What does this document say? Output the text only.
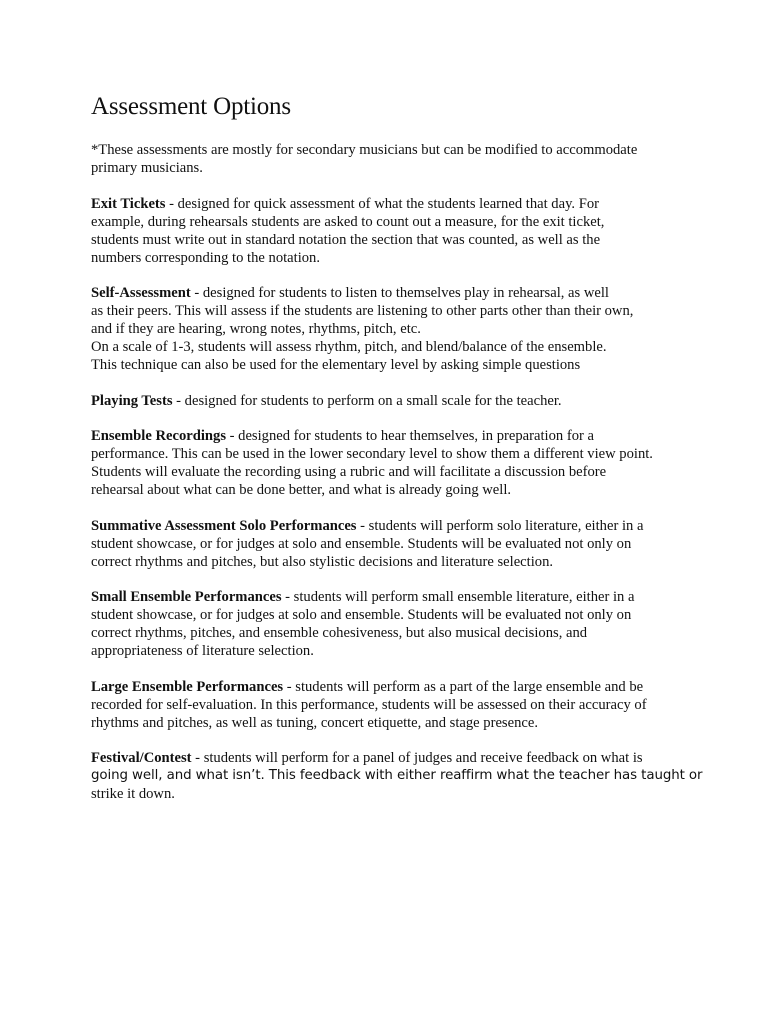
Assessment Options
*These assessments are mostly for secondary musicians but can be modified to accommodate
primary musicians.
Exit Tickets - designed for quick assessment of what the students learned that day. For
example, during rehearsals students are asked to count out a measure, for the exit ticket,
students must write out in standard notation the section that was counted, as well as the
numbers corresponding to the notation.
Self-Assessment - designed for students to listen to themselves play in rehearsal, as well
as their peers. This will assess if the students are listening to other parts other than their own,
and if they are hearing, wrong notes, rhythms, pitch, etc.
On a scale of 1-3, students will assess rhythm, pitch, and blend/balance of the ensemble.
This technique can also be used for the elementary level by asking simple questions
Playing Tests - designed for students to perform on a small scale for the teacher.
Ensemble Recordings - designed for students to hear themselves, in preparation for a
performance. This can be used in the lower secondary level to show them a different view point.
Students will evaluate the recording using a rubric and will facilitate a discussion before
rehearsal about what can be done better, and what is already going well.
Summative Assessment Solo Performances - students will perform solo literature, either in a
student showcase, or for judges at solo and ensemble. Students will be evaluated not only on
correct rhythms and pitches, but also stylistic decisions and literature selection.
Small Ensemble Performances - students will perform small ensemble literature, either in a
student showcase, or for judges at solo and ensemble. Students will be evaluated not only on
correct rhythms, pitches, and ensemble cohesiveness, but also musical decisions, and
appropriateness of literature selection.
Large Ensemble Performances - students will perform as a part of the large ensemble and be
recorded for self-evaluation. In this performance, students will be assessed on their accuracy of
rhythms and pitches, as well as tuning, concert etiquette, and stage presence.
Festival/Contest - students will perform for a panel of judges and receive feedback on what is
going well, and what isn’t. This feedback with either reaffirm what the teacher has taught or
strike it down.
